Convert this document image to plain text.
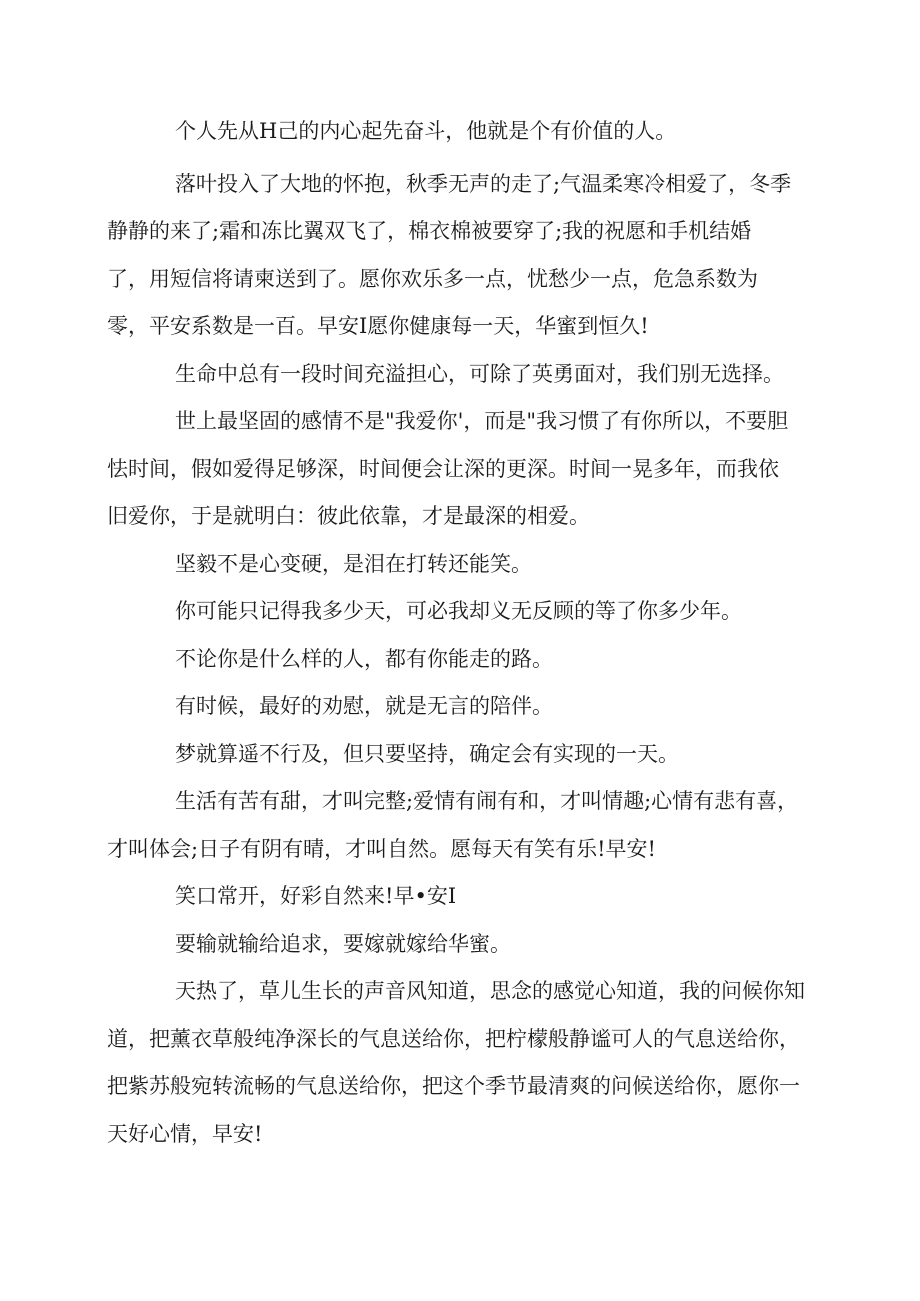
个人先从H己的内心起先奋斗，他就是个有价值的人。
落叶投入了大地的怀抱，秋季无声的走了;气温柔寒冷相爱了，冬季
静静的来了;霜和冻比翼双飞了，棉衣棉被要穿了;我的祝愿和手机结婚
了，用短信将请柬送到了。愿你欢乐多一点，忧愁少一点，危急系数为
零，平安系数是一百。早安I愿你健康每一天，华蜜到恒久!
生命中总有一段时间充溢担心，可除了英勇面对，我们别无选择。
世上最坚固的感情不是"我爱你'，而是"我习惯了有你所以，不要胆
怯时间，假如爱得足够深，时间便会让深的更深。时间一晃多年，而我依
旧爱你，于是就明白：彼此依靠，才是最深的相爱。
坚毅不是心变硬，是泪在打转还能笑。
你可能只记得我多少天，可必我却义无反顾的等了你多少年。
不论你是什么样的人，都有你能走的路。
有时候，最好的劝慰，就是无言的陪伴。
梦就算遥不行及，但只要坚持，确定会有实现的一天。
生活有苦有甜，才叫完整;爱情有闹有和，才叫情趣;心情有悲有喜，
才叫体会;日子有阴有晴，才叫自然。愿每天有笑有乐!早安!
笑口常开，好彩自然来!早•安I
要输就输给追求，要嫁就嫁给华蜜。
天热了，草儿生长的声音风知道，思念的感觉心知道，我的问候你知
道，把薰衣草般纯净深长的气息送给你，把柠檬般静谧可人的气息送给你，
把紫苏般宛转流畅的气息送给你，把这个季节最清爽的问候送给你，愿你一
天好心情，早安!
